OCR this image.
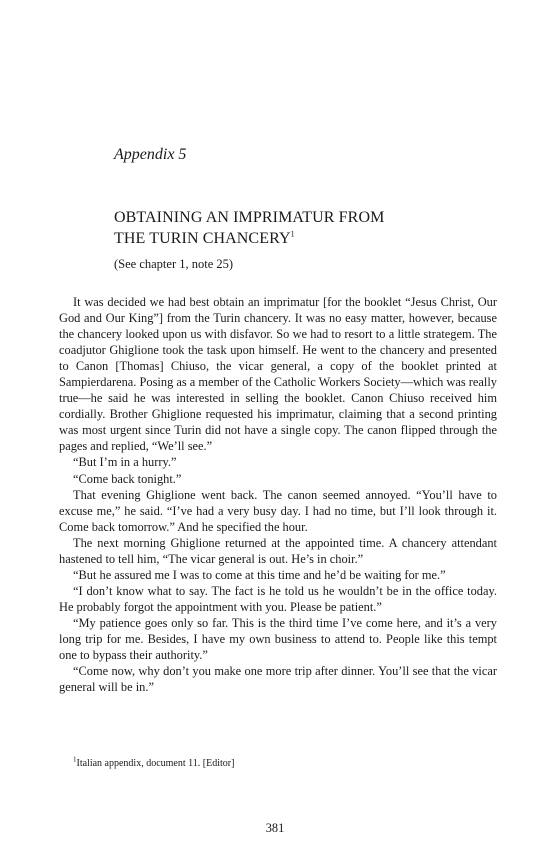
Appendix 5
OBTAINING AN IMPRIMATUR FROM
THE TURIN CHANCERY$^1$
(See chapter 1, note 25)

It was decided we had best obtain an imprimatur [for the booklet “Jesus Christ, Our God and Our King”] from the Turin chancery. It was no easy matter, however, because the chancery looked upon us with disfavor. So we had to resort to a little strategem. The coadjutor Ghiglione took the task upon himself. He went to the chancery and presented to Canon [Thomas] Chiuso, the vicar general, a copy of the booklet printed at Sampierdarena. Posing as a member of the Catholic Workers Society—which was really true—he said he was interested in selling the booklet. Canon Chiuso received him cordially. Brother Ghiglione requested his imprimatur, claiming that a second printing was most urgent since Turin did not have a single copy. The canon flipped through the pages and replied, “We’ll see.”

“But I’m in a hurry.”

“Come back tonight.”

That evening Ghiglione went back. The canon seemed annoyed. “You’ll have to excuse me,” he said. “I’ve had a very busy day. I had no time, but I’ll look through it. Come back tomorrow.” And he specified the hour.

The next morning Ghiglione returned at the appointed time. A chancery attendant hastened to tell him, “The vicar general is out. He’s in choir.”

“But he assured me I was to come at this time and he’d be waiting for me.”

“I don’t know what to say. The fact is he told us he wouldn’t be in the office today. He probably forgot the appointment with you. Please be patient.”

“My patience goes only so far. This is the third time I’ve come here, and it’s a very long trip for me. Besides, I have my own business to attend to. People like this tempt one to bypass their authority.”

“Come now, why don’t you make one more trip after dinner. You’ll see that the vicar general will be in.”

$^1$Italian appendix, document 11. [Editor]
381
